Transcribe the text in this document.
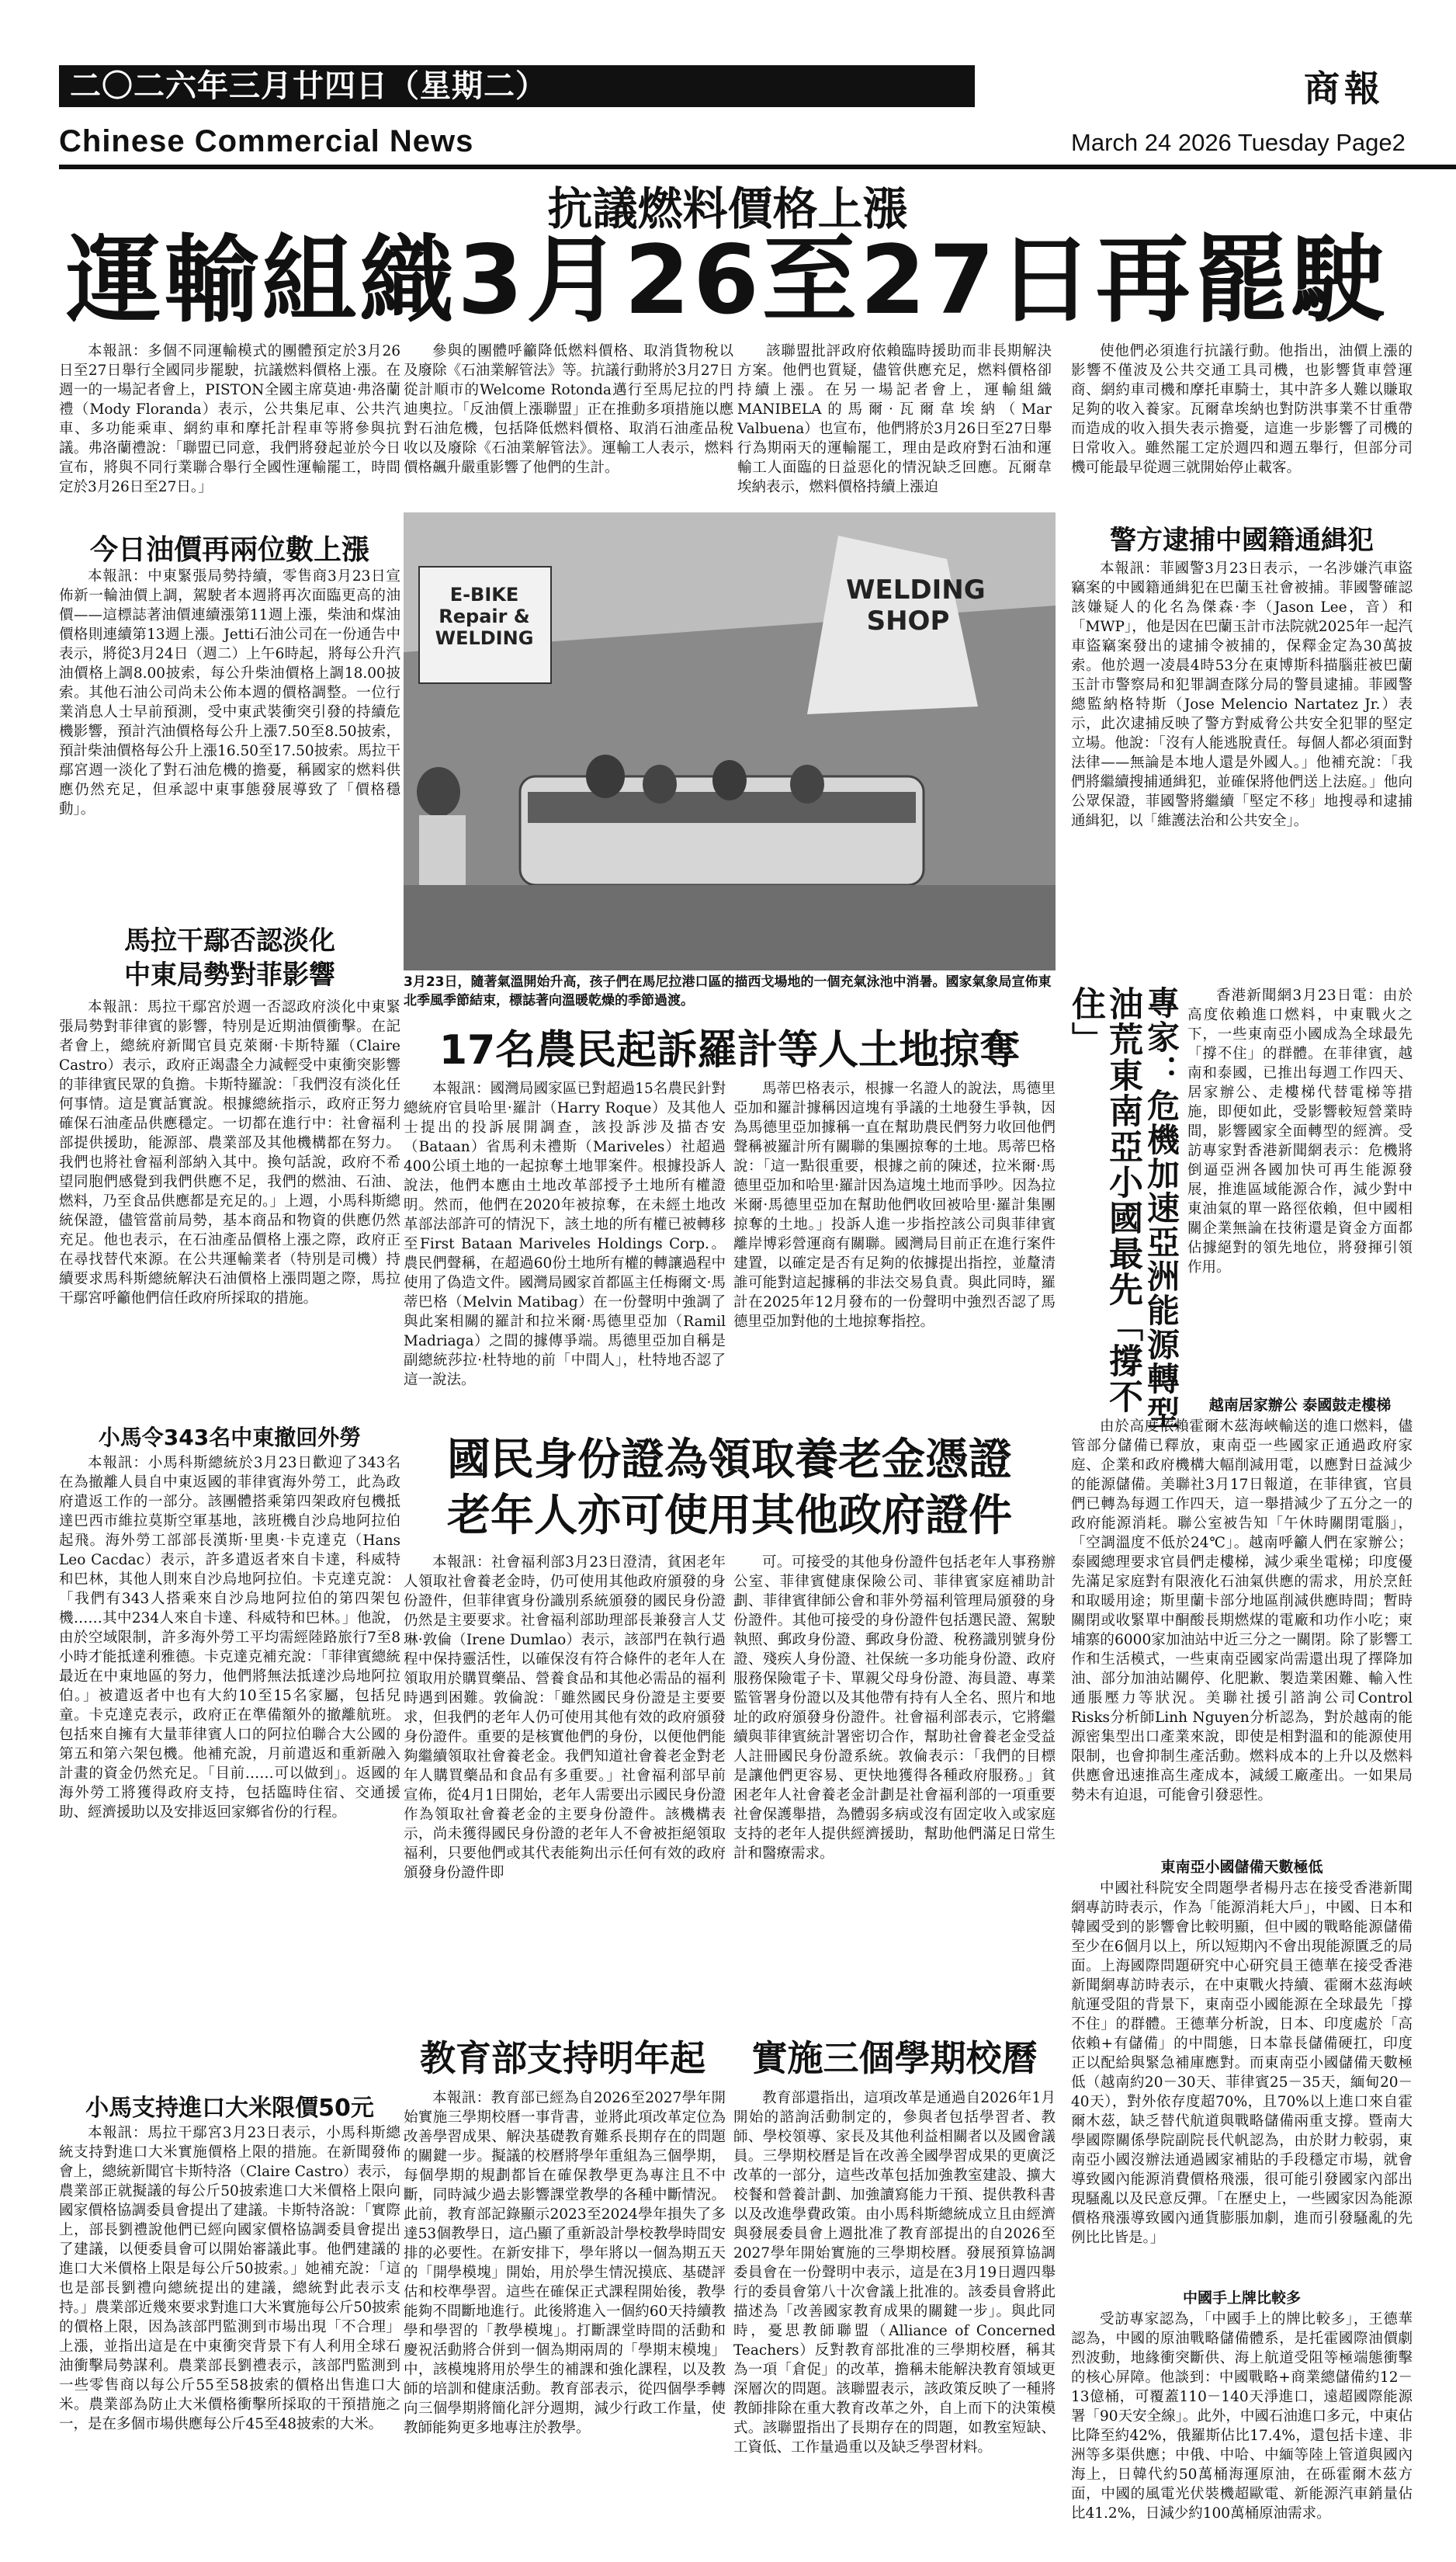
二〇二六年三月廿四日（星期二）	商報
Chinese Commercial News	March 24 2026 Tuesday Page2
抗議燃料價格上漲
運輸組織3月26至27日再罷駛

本報訊：多個不同運輸模式的團體預定於3月26日至27日舉行全國同步罷駛，抗議燃料價格上漲。在週一的一場記者會上，PISTON全國主席莫迪·弗洛蘭禮（Mody Floranda）表示，公共集尼車、公共汽車、多功能乘車、網約車和摩托計程車等將參與抗議。弗洛蘭禮說：「聯盟已同意，我們將發起並於今日宣布，將與不同行業聯合舉行全國性運輸罷工，時間定於3月26日至27日。」

參與的團體呼籲降低燃料價格、取消貨物稅以及廢除《石油業解管法》等。抗議行動將於3月27日從計順市的Welcome Rotonda邁行至馬尼拉的門迪奧拉。「反油價上漲聯盟」正在推動多項措施以應對石油危機，包括降低燃料價格、取消石油產品稅收以及廢除《石油業解管法》。運輸工人表示，燃料價格飆升嚴重影響了他們的生計。

該聯盟批評政府依賴臨時援助而非長期解決方案。他們也質疑，儘管供應充足，燃料價格卻持續上漲。在另一場記者會上，運輸組織MANIBELA的馬爾·瓦爾韋埃納（Mar Valbuena）也宣布，他們將於3月26日至27日舉行為期兩天的運輸罷工，理由是政府對石油和運輸工人面臨的日益惡化的情況缺乏回應。瓦爾韋埃納表示，燃料價格持續上漲迫

使他們必須進行抗議行動。他指出，油價上漲的影響不僅波及公共交通工具司機，也影響貨車營運商、網約車司機和摩托車騎士，其中許多人難以賺取足夠的收入養家。瓦爾韋埃納也對防洪事業不甘重帶而造成的收入損失表示擔憂，這進一步影響了司機的日常收入。雖然罷工定於週四和週五舉行，但部分司機可能最早從週三就開始停止載客。

今日油價再兩位數上漲

本報訊：中東緊張局勢持續，零售商3月23日宣佈新一輪油價上調，駕駛者本週將再次面臨更高的油價——這標誌著油價連續漲第11週上漲，柴油和煤油價格則連續第13週上漲。Jetti石油公司在一份通告中表示，將從3月24日（週二）上午6時起，將每公升汽油價格上調8.00披索，每公升柴油價格上調18.00披索。其他石油公司尚未公佈本週的價格調整。一位行業消息人士早前預測，受中東武裝衝突引發的持續危機影響，預計汽油價格每公升上漲7.50至8.50披索，預計柴油價格每公升上漲16.50至17.50披索。馬拉干鄢宮週一淡化了對石油危機的擔憂，稱國家的燃料供應仍然充足，但承認中東事態發展導致了「價格穩動」。

馬拉干鄢否認淡化
中東局勢對菲影響

本報訊：馬拉干鄢宮於週一否認政府淡化中東緊張局勢對菲律賓的影響，特別是近期油價衝擊。在記者會上，總統府新聞官員克萊爾·卡斯特羅（Claire Castro）表示，政府正竭盡全力減輕受中東衝突影響的菲律賓民眾的負擔。卡斯特羅說：「我們沒有淡化任何事情。這是實話實說。根據總統指示，政府正努力確保石油產品供應穩定。一切都在進行中：社會福利部提供援助，能源部、農業部及其他機構都在努力。我們也將社會福利部納入其中。換句話說，政府不希望同胞們感覺到我們供應不足，我們的燃油、石油、燃料，乃至食品供應都是充足的。」上週，小馬科斯總統保證，儘管當前局勢，基本商品和物資的供應仍然充足。他也表示，在石油產品價格上漲之際，政府正在尋找替代來源。在公共運輸業者（特別是司機）持續要求馬科斯總統解決石油價格上漲問題之際，馬拉干鄢宮呼籲他們信任政府所採取的措施。

小馬令343名中東撤回外勞

本報訊：小馬科斯總統於3月23日歡迎了343名在為撤離人員自中東返國的菲律賓海外勞工，此為政府遣返工作的一部分。該團體搭乘第四架政府包機抵達巴西市維拉莫斯空軍基地，該班機自沙烏地阿拉伯起飛。海外勞工部部長漢斯·里奧·卡克達克（Hans Leo Cacdac）表示，許多遣返者來自卡達，科威特和巴林，其他人則來自沙烏地阿拉伯。卡克達克說：「我們有343人搭乘來自沙烏地阿拉伯的第四架包機……其中234人來自卡達、科威特和巴林。」他說，由於空域限制，許多海外勞工平均需經陸路旅行7至8小時才能抵達利雅德。卡克達克補充說：「菲律賓總統最近在中東地區的努力，他們將無法抵達沙烏地阿拉伯。」被遣返者中也有大約10至15名家屬，包括兒童。卡克達克表示，政府正在準備額外的撤離航班。包括來自擁有大量菲律賓人口的阿拉伯聯合大公國的第五和第六架包機。他補充說，月前遣返和重新融入計畫的資金仍然充足。「目前……可以做到」。返國的海外勞工將獲得政府支持，包括臨時住宿、交通援助、經濟援助以及安排返回家鄉省份的行程。

小馬支持進口大米限價50元

本報訊：馬拉干鄢宮3月23日表示，小馬科斯總統支持對進口大米實施價格上限的措施。在新聞發佈會上，總統新聞官卡斯特洛（Claire Castro）表示，農業部正就擬議的每公斤50披索進口大米價格上限向國家價格協調委員會提出了建議。卡斯特洛說：「實際上，部長劉禮說他們已經向國家價格協調委員會提出了建議，以便委員會可以開始審議此事。他們建議的進口大米價格上限是每公斤50披索。」她補充說：「這也是部長劉禮向總統提出的建議，總統對此表示支持。」農業部近幾來要求對進口大米實施每公斤50披索的價格上限，因為該部門監測到市場出現「不合理」上漲，並指出這是在中東衝突背景下有人利用全球石油衝擊局勢謀利。農業部長劉禮表示，該部門監測到一些零售商以每公斤55至58披索的價格出售進口大米。農業部為防止大米價格衝擊所採取的干預措施之一，是在多個市場供應每公斤45至48披索的大米。

E-BIKE Repair & WELDING
WELDING SHOP
3月23日，隨著氣溫開始升高，孩子們在馬尼拉港口區的描西戈場地的一個充氣泳池中消暑。國家氣象局宣佈東北季風季節結束，標誌著向溫暖乾燥的季節過渡。
17名農民起訴羅計等人土地掠奪

本報訊：國灣局國家區已對超過15名農民針對總統府官員哈里·羅計（Harry Roque）及其他人士提出的投訴展開調查，該投訴涉及描杏安（Bataan）省馬利未禮斯（Mariveles）社超過400公頃土地的一起掠奪土地罪案件。根據投訴人說法，他們本應由土地改革部授予土地所有權證明。然而，他們在2020年被掠奪，在未經土地改革部法部許可的情況下，該土地的所有權已被轉移至First Bataan Mariveles Holdings Corp.。農民們聲稱，在超過60份土地所有權的轉讓過程中使用了偽造文件。國灣局國家首都區主任梅爾文·馬蒂巴格（Melvin Matibag）在一份聲明中強調了與此案相關的羅計和拉米爾·馬德里亞加（Ramil Madriaga）之間的據傳爭端。馬德里亞加自稱是副總統莎拉·杜特地的前「中間人」，杜特地否認了這一說法。

馬蒂巴格表示，根據一名證人的說法，馬德里亞加和羅計據稱因這塊有爭議的土地發生爭執，因為馬德里亞加據稱一直在幫助農民們努力收回他們聲稱被羅計所有關聯的集團掠奪的土地。馬蒂巴格說：「這一點很重要，根據之前的陳述，拉米爾·馬德里亞加和哈里·羅計因為這塊土地而爭吵。因為拉米爾·馬德里亞加在幫助他們收回被哈里·羅計集團掠奪的土地。」投訴人進一步指控該公司與菲律賓離岸博彩營運商有關聯。國灣局目前正在進行案件建置，以確定是否有足夠的依據提出指控，並釐清誰可能對這起據稱的非法交易負責。與此同時，羅計在2025年12月發布的一份聲明中強烈否認了馬德里亞加對他的土地掠奪指控。

國民身份證為領取養老金憑證
老年人亦可使用其他政府證件

本報訊：社會福利部3月23日澄清，貧困老年人領取社會養老金時，仍可使用其他政府頒發的身份證件，但菲律賓身份識別系統頒發的國民身份證仍然是主要要求。社會福利部助理部長兼發言人艾琳·敦倫（Irene Dumlao）表示，該部門在執行過程中保持靈活性，以確保沒有符合條件的老年人在領取用於購買藥品、營養食品和其他必需品的福利時遇到困難。敦倫說：「雖然國民身份證是主要要求，但我們的老年人仍可使用其他有效的政府頒發身份證件。重要的是核實他們的身份，以便他們能夠繼續領取社會養老金。我們知道社會養老金對老年人購買藥品和食品有多重要。」社會福利部早前宣佈，從4月1日開始，老年人需要出示國民身份證作為領取社會養老金的主要身份證件。該機構表示，尚未獲得國民身份證的老年人不會被拒絕領取福利，只要他們或其代表能夠出示任何有效的政府頒發身份證件即

可。可接受的其他身份證件包括老年人事務辦公室、菲律賓健康保險公司、菲律賓家庭補助計劃、菲律賓律師公會和菲外勞福利管理局頒發的身份證件。其他可接受的身份證件包括選民證、駕駛執照、郵政身份證、郵政身份證、稅務識別號身份證、殘疾人身份證、社保統一多功能身份證、政府服務保險電子卡、單親父母身份證、海員證、專業監管署身份證以及其他帶有持有人全名、照片和地址的政府頒發身份證件。社會福利部表示，它將繼續與菲律賓統計署密切合作，幫助社會養老金受益人註冊國民身份證系統。敦倫表示：「我們的目標是讓他們更容易、更快地獲得各種政府服務。」貧困老年人社會養老金計劃是社會福利部的一項重要社會保護舉措，為體弱多病或沒有固定收入或家庭支持的老年人提供經濟援助，幫助他們滿足日常生計和醫療需求。

教育部支持明年起	實施三個學期校曆

本報訊：教育部已經為自2026至2027學年開始實施三學期校曆一事背書，並將此項改革定位為改善學習成果、解決基礎教育難系長期存在的問題的關鍵一步。擬議的校曆將學年重組為三個學期，每個學期的規劃都旨在確保教學更為專注且不中斷，同時減少過去影響課堂教學的各種中斷情況。此前，教育部記錄顯示2023至2024學年損失了多達53個教學日，這凸顯了重新設計學校教學時間安排的必要性。在新安排下，學年將以一個為期五天的「開學模塊」開始，用於學生情況摸底、基礎評估和校準學習。這些在確保正式課程開始後，教學能夠不間斷地進行。此後將進入一個約60天持續教學和學習的「教學模塊」。打斷課堂時間的活動和慶祝活動將合併到一個為期兩周的「學期末模塊」中，該模塊將用於學生的補課和強化課程，以及教師的培訓和健康活動。教育部表示，從四個學季轉向三個學期將簡化評分週期，減少行政工作量，使教師能夠更多地專注於教學。

教育部還指出，這項改革是通過自2026年1月開始的諮詢活動制定的，參與者包括學習者、教師、學校領導、家長及其他利益相關者以及國會議員。三學期校曆是旨在改善全國學習成果的更廣泛改革的一部分，這些改革包括加強教室建設、擴大校餐和營養計劃、加強讀寫能力干預、提供教科書以及改進學費政策。由小馬科斯總統成立且由經濟與發展委員會上週批准了教育部提出的自2026至2027學年開始實施的三學期校曆。發展預算協調委員會在一份聲明中表示，這是在3月19日週四舉行的委員會第八十次會議上批准的。該委員會將此描述為「改善國家教育成果的關鍵一步」。與此同時，憂思教師聯盟（Alliance of Concerned Teachers）反對教育部批准的三學期校曆，稱其為一項「倉促」的改革，擔稱未能解決教育領域更深層次的問題。該聯盟表示，該政策反映了一種將教師排除在重大教育改革之外，自上而下的決策模式。該聯盟指出了長期存在的問題，如教室短缺、工資低、工作量過重以及缺乏學習材料。

警方逮捕中國籍通緝犯

本報訊：菲國警3月23日表示，一名涉嫌汽車盜竊案的中國籍通緝犯在巴蘭玉社會被捕。菲國警確認該嫌疑人的化名為傑森·李（Jason Lee，音）和「MWP」，他是因在巴蘭玉計市法院就2025年一起汽車盜竊案發出的逮捕令被捕的，保釋金定為30萬披索。他於週一凌晨4時53分在東博斯科描腦莊被巴蘭玉計市警察局和犯罪調查隊分局的警員逮捕。菲國警總監納格特斯（Jose Melencio Nartatez Jr.）表示，此次逮捕反映了警方對威脅公共安全犯罪的堅定立場。他說：「沒有人能逃脫責任。每個人都必須面對法律——無論是本地人還是外國人。」他補充說：「我們將繼續搜捕通緝犯，並確保將他們送上法庭。」他向公眾保證，菲國警將繼續「堅定不移」地搜尋和逮捕通緝犯，以「維護法治和公共安全」。

油荒東南亞小國最先「撐不住」	專家：危機加速亞洲能源轉型	香港新聞網3月23日電：由於高度依賴進口燃料，中東戰火之下，一些東南亞小國成為全球最先「撐不住」的群體。在菲律賓，越南和泰國，已推出每週工作四天、居家辦公、走樓梯代替電梯等措施，即便如此，受影響較短營業時間，影響國家全面轉型的經濟。受訪專家對香港新聞網表示：危機將倒逼亞洲各國加快可再生能源發展，推進區域能源合作，減少對中東油氣的單一路徑依賴，但中國相關企業無論在技術還是資金方面都佔據絕對的領先地位，將發揮引領作用。

越南居家辦公 泰國鼓走樓梯

由於高度依賴霍爾木茲海峽輸送的進口燃料，儘管部分儲備已釋放，東南亞一些國家正通過政府家庭、企業和政府機構大幅削減用電，以應對日益減少的能源儲備。美聯社3月17日報道，在菲律賓，官員們已轉為每週工作四天，這一舉措減少了五分之一的政府能源消耗。聯公室被告知「午休時關閉電腦」，「空調溫度不低於24℃」。越南呼籲人們在家辦公；泰國總理要求官員們走樓梯，減少乘坐電梯；印度優先滿足家庭對有限液化石油氣供應的需求，用於烹飪和取暖用途；斯里蘭卡部分地區削減供應時間；暫時關閉或收緊單中酮酸長期燃煤的電廠和功作小吃；柬埔寨的6000家加油站中近三分之一關閉。除了影響工作和生活模式，一些東南亞國家尚需還出現了擇降加油、部分加油站關停、化肥歉、製造業困難、輸入性通脹壓力等狀況。美聯社援引諮詢公司Control Risks分析師Linh Nguyen分析認為，對於越南的能源密集型出口產業來說，即使是相對溫和的能源使用限制，也會抑制生產活動。燃料成本的上升以及燃料供應會迅速推高生產成本，減緩工廠產出。一如果局勢未有迫退，可能會引發惡性。

東南亞小國儲備天數極低

中國社科院安全問題學者楊丹志在接受香港新聞網專訪時表示，作為「能源消耗大戶」，中國、日本和韓國受到的影響會比較明顯，但中國的戰略能源儲備至少在6個月以上，所以短期內不會出現能源匱乏的局面。上海國際問題研究中心研究員王德華在接受香港新聞網專訪時表示，在中東戰火持續、霍爾木茲海峽航運受阻的背景下，東南亞小國能源在全球最先「撐不住」的群體。王德華分析說，日本、印度處於「高依賴+有儲備」的中間態，日本靠長儲備硬扛，印度正以配給與緊急補庫應對。而東南亞小國儲備天數極低（越南約20－30天、菲律賓25－35天，緬甸20－40天），對外依存度超70%，且70%以上進口來自霍爾木茲，缺乏替代航道與戰略儲備兩重支撐。暨南大學國際關係學院副院長代帆認為，由於財力較弱，東南亞小國沒辦法通過國家補貼的手段穩定市場，就會導致國內能源消費價格飛漲，很可能引發國家內部出現騷亂以及民意反彈。「在歷史上，一些國家因為能源價格飛漲導致國內通貨膨脹加劇，進而引發騷亂的先例比比皆是。」

中國手上牌比較多

受訪專家認為，「中國手上的牌比較多」，王德華認為，中國的原油戰略儲備體系，是托霍國際油價劇烈波動，地緣衝突斷供、海上航道受阻等極端態衝擊的核心屏障。他談到：中國戰略+商業總儲備約12－13億桶，可覆蓋110－140天淨進口，遠超國際能源署「90天安全線」。此外，中國石油進口多元，中東佔比降至約42%，俄羅斯佔比17.4%，還包括卡達、非洲等多渠供應；中俄、中哈、中緬等陸上管道與國內海上，日韓代約50萬桶海運原油，在砾霍爾木茲方面，中國的風電光伏裝機超歐電、新能源汽車銷量佔比41.2%，日減少約100萬桶原油需求。
